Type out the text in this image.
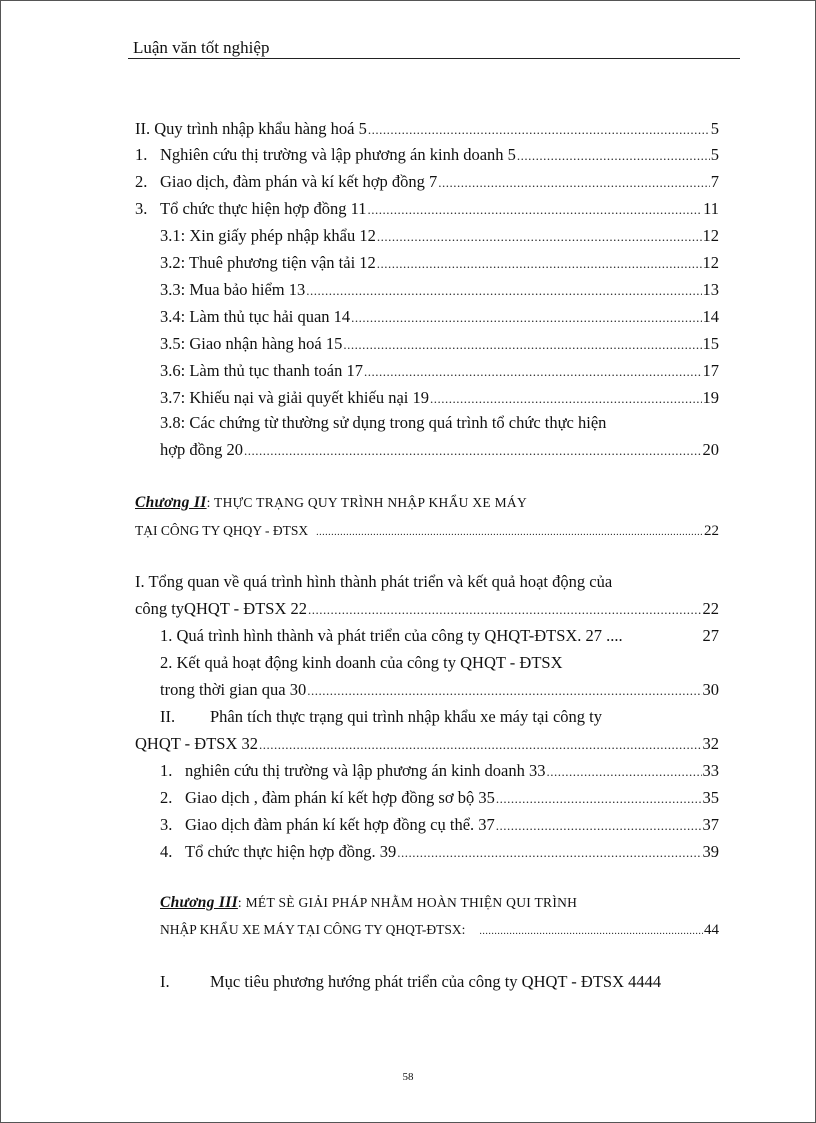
Luận văn tốt nghiệp
II. Quy trình nhập khẩu hàng hoá 5 .....	5
1. Nghiên cứu thị trường và lập phương án kinh doanh 5 .....	5
2. Giao dịch, đàm phán và kí kết hợp đồng 7 .....	7
3. Tổ chức thực hiện hợp đồng 11 .....	11
3.1: Xin giấy phép nhập khẩu 12 .....	12
3.2: Thuê phương tiện vận tải 12 .....	12
3.3: Mua bảo hiểm 13 .....	13
3.4: Làm thủ tục hải quan 14 .....	14
3.5: Giao nhận hàng hoá 15 .....	15
3.6: Làm thủ tục thanh toán 17 .....	17
3.7: Khiếu nại và giải quyết khiếu nại 19 .....	19
3.8: Các chứng từ thường sử dụng trong quá trình tổ chức thực hiện
hợp đồng 20 .....	20
Chương II: THỰC TRẠNG QUY TRÌNH NHẬP KHẨU XE MÁY
TẠI CÔNG TY QHQY - ĐTSX .....	22
I. Tổng quan về quá trình hình thành phát triển và kết quả hoạt động của
công tyQHQT - ĐTSX 22 .....	22
1. Quá trình hình thành và phát triển của công ty QHQT-ĐTSX. 27 ....	27
2. Kết quả hoạt động kinh doanh của công ty QHQT - ĐTSX
trong thời gian qua 30 .....	30
II. Phân tích thực trạng qui trình nhập khẩu xe máy tại công ty
QHQT - ĐTSX 32 .....	32
1. nghiên cứu thị trường và lập phương án kinh doanh 33 .....	33
2. Giao dịch , đàm phán kí kết hợp đồng sơ bộ 35 .....	35
3. Giao dịch đàm phán kí kết hợp đồng cụ thể. 37 .....	37
4. Tổ chức thực hiện hợp đồng. 39 .....	39
Chương III: MÉT SÈ GIẢI PHÁP NHẰM HOÀN THIỆN QUI TRÌNH
NHẬP KHẨU XE MÁY TẠI CÔNG TY QHQT-ĐTSX: .....	44
I. Mục tiêu phương hướng phát triển của công ty QHQT - ĐTSX 4444
58
